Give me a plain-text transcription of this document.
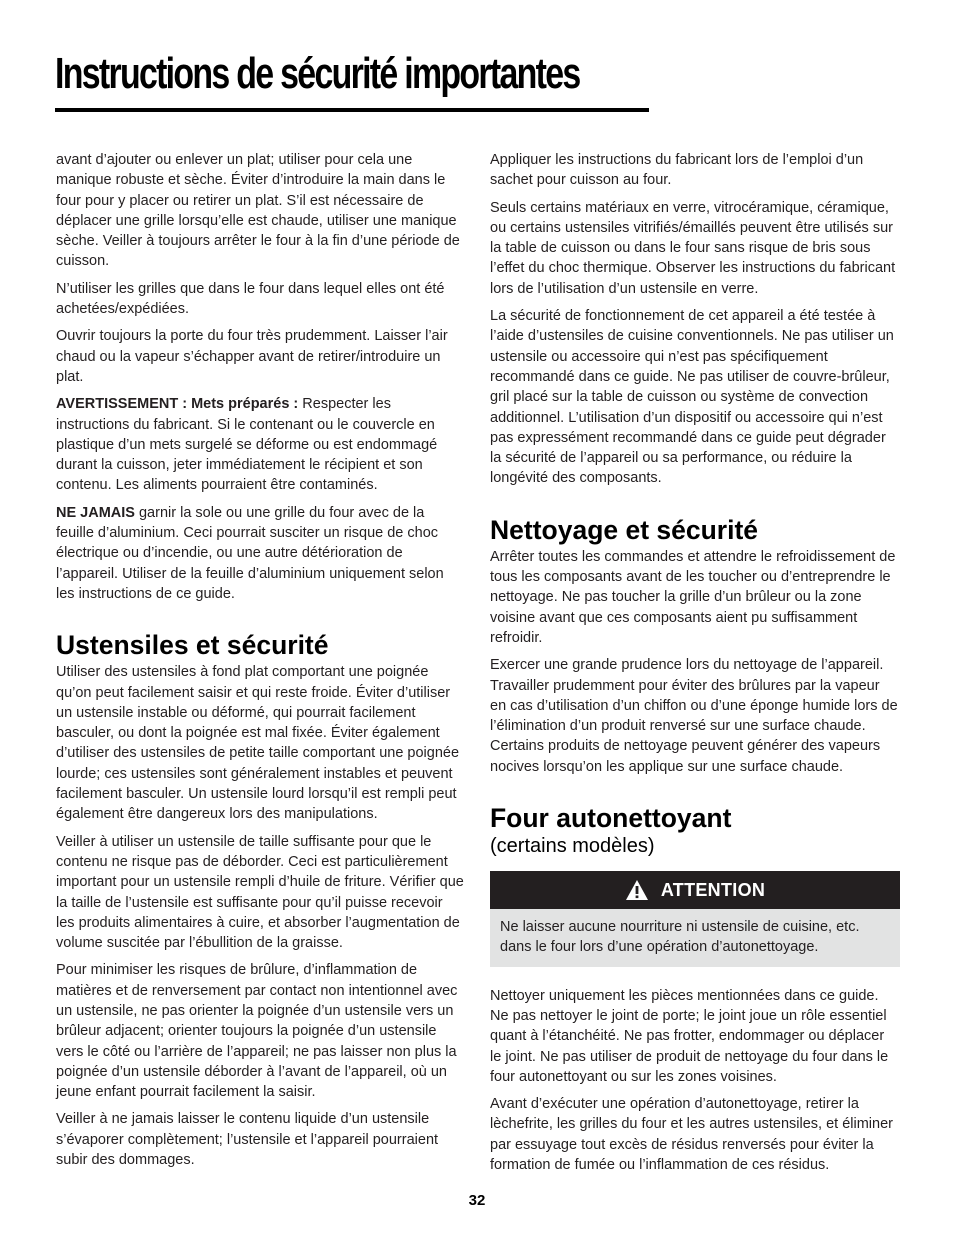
Instructions de sécurité importantes

avant d’ajouter ou enlever un plat; utiliser pour cela une manique robuste et sèche. Éviter d’introduire la main dans le four pour y placer ou retirer un plat. S’il est nécessaire de déplacer une grille lorsqu’elle est chaude, utiliser une manique sèche. Veiller à toujours arrêter le four à la fin d’une période de cuisson.

N’utiliser les grilles que dans le four dans lequel elles ont été achetées/expédiées.

Ouvrir toujours la porte du four très prudemment. Laisser l’air chaud ou la vapeur s’échapper avant de retirer/introduire un plat.

AVERTISSEMENT : Mets préparés : Respecter les instructions du fabricant. Si le contenant ou le couvercle en plastique d’un mets surgelé se déforme ou est endommagé durant la cuisson, jeter immédiatement le récipient et son contenu. Les aliments pourraient être contaminés.

NE JAMAIS garnir la sole ou une grille du four avec de la feuille d’aluminium. Ceci pourrait susciter un risque de choc électrique ou d’incendie, ou une autre détérioration de l’appareil. Utiliser de la feuille d’aluminium uniquement selon les instructions de ce guide.

Ustensiles et sécurité

Utiliser des ustensiles à fond plat comportant une poignée qu’on peut facilement saisir et qui reste froide. Éviter d’utiliser un ustensile instable ou déformé, qui pourrait facilement basculer, ou dont la poignée est mal fixée. Éviter également d’utiliser des ustensiles de petite taille comportant une poignée lourde; ces ustensiles sont généralement instables et peuvent facilement basculer. Un ustensile lourd lorsqu’il est rempli peut également être dangereux lors des manipulations.

Veiller à utiliser un ustensile de taille suffisante pour que le contenu ne risque pas de déborder. Ceci est particulièrement important pour un ustensile rempli d’huile de friture. Vérifier que la taille de l’ustensile est suffisante pour qu’il puisse recevoir les produits alimentaires à cuire, et absorber l’augmentation de volume suscitée par l’ébullition de la graisse.

Pour minimiser les risques de brûlure, d’inflammation de matières et de renversement par contact non intentionnel avec un ustensile, ne pas orienter la poignée d’un ustensile vers un brûleur adjacent; orienter toujours la poignée d’un ustensile vers le côté ou l’arrière de l’appareil; ne pas laisser non plus la poignée d’un ustensile déborder à l’avant de l’appareil, où un jeune enfant pourrait facilement la saisir.

Veiller à ne jamais laisser le contenu liquide d’un ustensile s’évaporer complètement; l’ustensile et l’appareil pourraient subir des dommages.

Appliquer les instructions du fabricant lors de l’emploi d’un sachet pour cuisson au four.

Seuls certains matériaux en verre, vitrocéramique, céramique, ou certains ustensiles vitrifiés/émaillés peuvent être utilisés sur la table de cuisson ou dans le four sans risque de bris sous l’effet du choc thermique. Observer les instructions du fabricant lors de l’utilisation d’un ustensile en verre.

La sécurité de fonctionnement de cet appareil a été testée à l’aide d’ustensiles de cuisine conventionnels. Ne pas utiliser un ustensile ou accessoire qui n’est pas spécifiquement recommandé dans ce guide. Ne pas utiliser de couvre-brûleur, gril placé sur la table de cuisson ou système de convection additionnel. L’utilisation d’un dispositif ou accessoire qui n’est pas expressément recommandé dans ce guide peut dégrader la sécurité de l’appareil ou sa performance, ou réduire la longévité des composants.

Nettoyage et sécurité

Arrêter toutes les commandes et attendre le refroidissement de tous les composants avant de les toucher ou d’entreprendre le nettoyage. Ne pas toucher la grille d’un brûleur ou la zone voisine avant que ces composants aient pu suffisamment refroidir.

Exercer une grande prudence lors du nettoyage de l’appareil. Travailler prudemment pour éviter des brûlures par la vapeur en cas d’utilisation d’un chiffon ou d’une éponge humide lors de l’élimination d’un produit renversé sur une surface chaude. Certains produits de nettoyage peuvent générer des vapeurs nocives lorsqu’on les applique sur une surface chaude.

Four autonettoyant
(certains modèles)
ATTENTION

Ne laisser aucune nourriture ni ustensile de cuisine, etc. dans le four lors d’une opération d’autonettoyage.

Nettoyer uniquement les pièces mentionnées dans ce guide. Ne pas nettoyer le joint de porte; le joint joue un rôle essentiel quant à l’étanchéité. Ne pas frotter, endommager ou déplacer le joint. Ne pas utiliser de produit de nettoyage du four dans le four autonettoyant ou sur les zones voisines.

Avant d’exécuter une opération d’autonettoyage, retirer la lèchefrite, les grilles du four et les autres ustensiles, et éliminer par essuyage tout excès de résidus renversés pour éviter la formation de fumée ou l’inflammation de ces résidus.

32
